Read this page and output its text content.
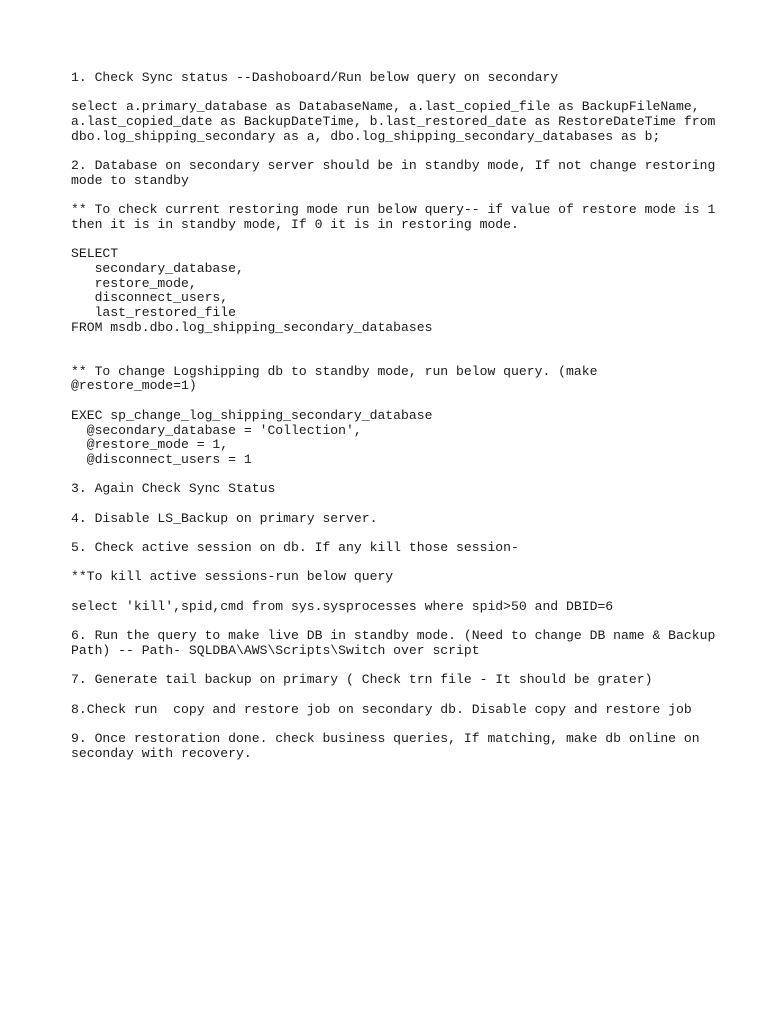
1. Check Sync status --Dashoboard/Run below query on secondary
select a.primary_database as DatabaseName, a.last_copied_file as BackupFileName,
a.last_copied_date as BackupDateTime, b.last_restored_date as RestoreDateTime from
dbo.log_shipping_secondary as a, dbo.log_shipping_secondary_databases as b;
2. Database on secondary server should be in standby mode, If not change restoring
mode to standby
** To check current restoring mode run below query-- if value of restore mode is 1
then it is in standby mode, If 0 it is in restoring mode.
SELECT
secondary_database,
restore_mode,
disconnect_users,
last_restored_file
FROM msdb.dbo.log_shipping_secondary_databases
** To change Logshipping db to standby mode, run below query. (make
@restore_mode=1)
EXEC sp_change_log_shipping_secondary_database
@secondary_database = 'Collection',
@restore_mode = 1,
@disconnect_users = 1
3. Again Check Sync Status
4. Disable LS_Backup on primary server.
5. Check active session on db. If any kill those session-
**To kill active sessions-run below query
select 'kill',spid,cmd from sys.sysprocesses where spid>50 and DBID=6
6. Run the query to make live DB in standby mode. (Need to change DB name & Backup
Path) -- Path- SQLDBA\AWS\Scripts\Switch over script
7. Generate tail backup on primary ( Check trn file - It should be grater)
8.Check run  copy and restore job on secondary db. Disable copy and restore job
9. Once restoration done. check business queries, If matching, make db online on
seconday with recovery.
